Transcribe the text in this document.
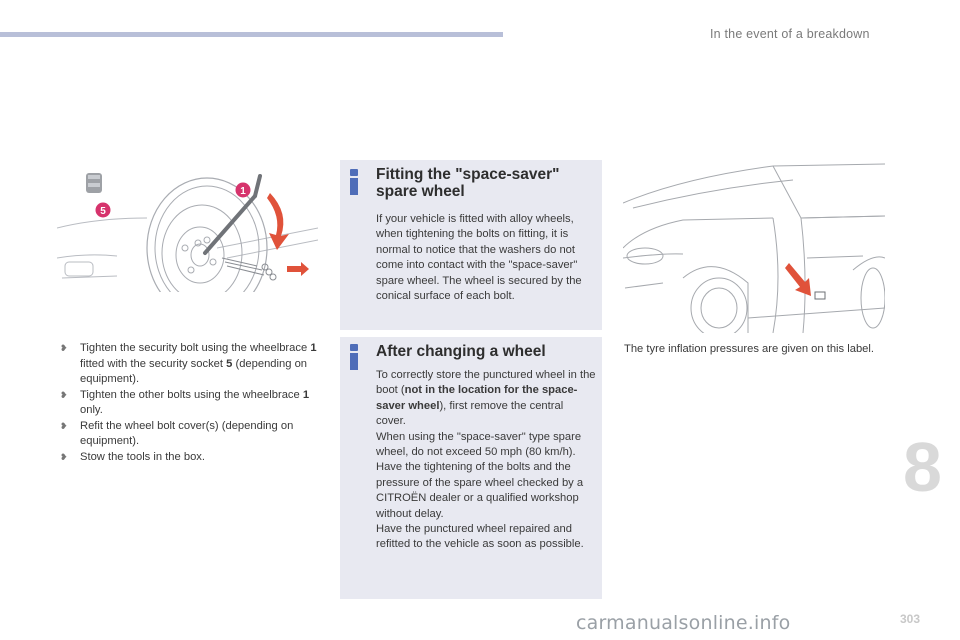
In the event of a breakdown
5
1
❥ Tighten the security bolt using the wheelbrace 1 fitted with the security socket 5 (depending on equipment).
❥ Tighten the other bolts using the wheelbrace 1 only.
❥ Refit the wheel bolt cover(s) (depending on equipment).
❥ Stow the tools in the box.
Fitting the "space-saver" spare wheel

If your vehicle is fitted with alloy wheels, when tightening the bolts on fitting, it is normal to notice that the washers do not come into contact with the "space-saver" spare wheel. The wheel is secured by the conical surface of each bolt.

After changing a wheel

To correctly store the punctured wheel in the boot (not in the location for the space-saver wheel), first remove the central cover.

When using the "space-saver" type spare wheel, do not exceed 50 mph (80 km/h).

Have the tightening of the bolts and the pressure of the spare wheel checked by a CITROËN dealer or a qualified workshop without delay.

Have the punctured wheel repaired and refitted to the vehicle as soon as possible.

The tyre inflation pressures are given on this label.
8
303
carmanualsonline.info
